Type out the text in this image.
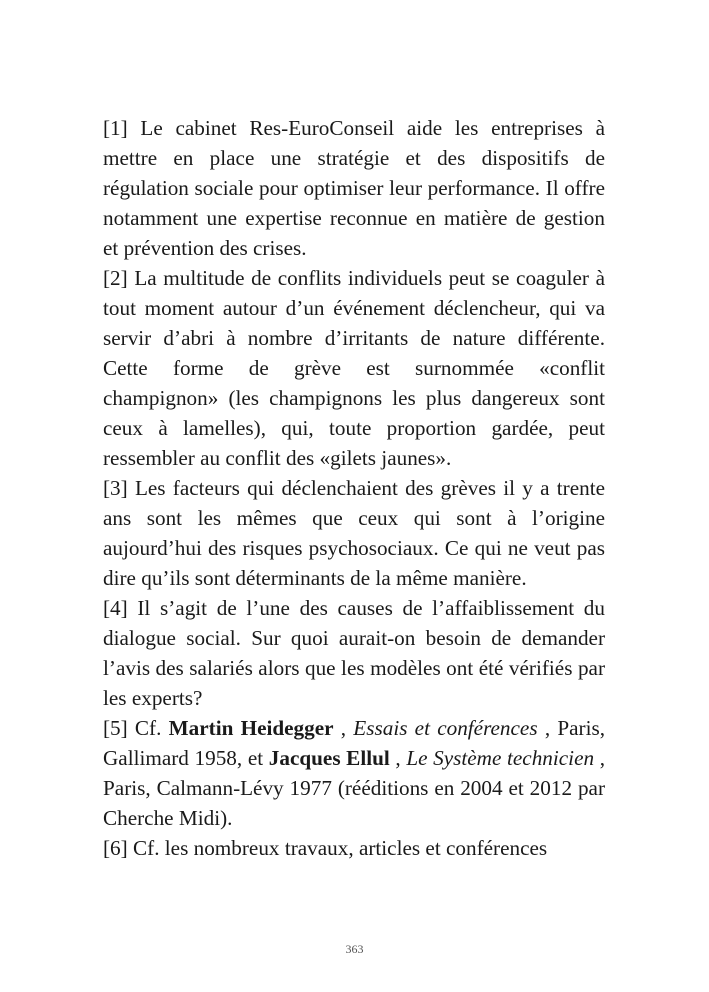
[1] Le cabinet Res-EuroConseil aide les entreprises à mettre en place une stratégie et des dispositifs de régulation sociale pour optimiser leur performance. Il offre notamment une expertise reconnue en matière de gestion et prévention des crises.

[2] La multitude de conflits individuels peut se coaguler à tout moment autour d’un événement déclencheur, qui va servir d’abri à nombre d’irritants de nature différente. Cette forme de grève est surnommée «conflit champignon» (les champignons les plus dangereux sont ceux à lamelles), qui, toute proportion gardée, peut ressembler au conflit des «gilets jaunes».

[3] Les facteurs qui déclenchaient des grèves il y a trente ans sont les mêmes que ceux qui sont à l’origine aujourd’hui des risques psychosociaux. Ce qui ne veut pas dire qu’ils sont déterminants de la même manière.

[4] Il s’agit de l’une des causes de l’affaiblissement du dialogue social. Sur quoi aurait-on besoin de demander l’avis des salariés alors que les modèles ont été vérifiés par les experts?

[5] Cf. Martin Heidegger , Essais et conférences , Paris, Gallimard 1958, et Jacques Ellul , Le Système technicien , Paris, Calmann-Lévy 1977 (rééditions en 2004 et 2012 par Cherche Midi).

[6] Cf. les nombreux travaux, articles et conférences

363
